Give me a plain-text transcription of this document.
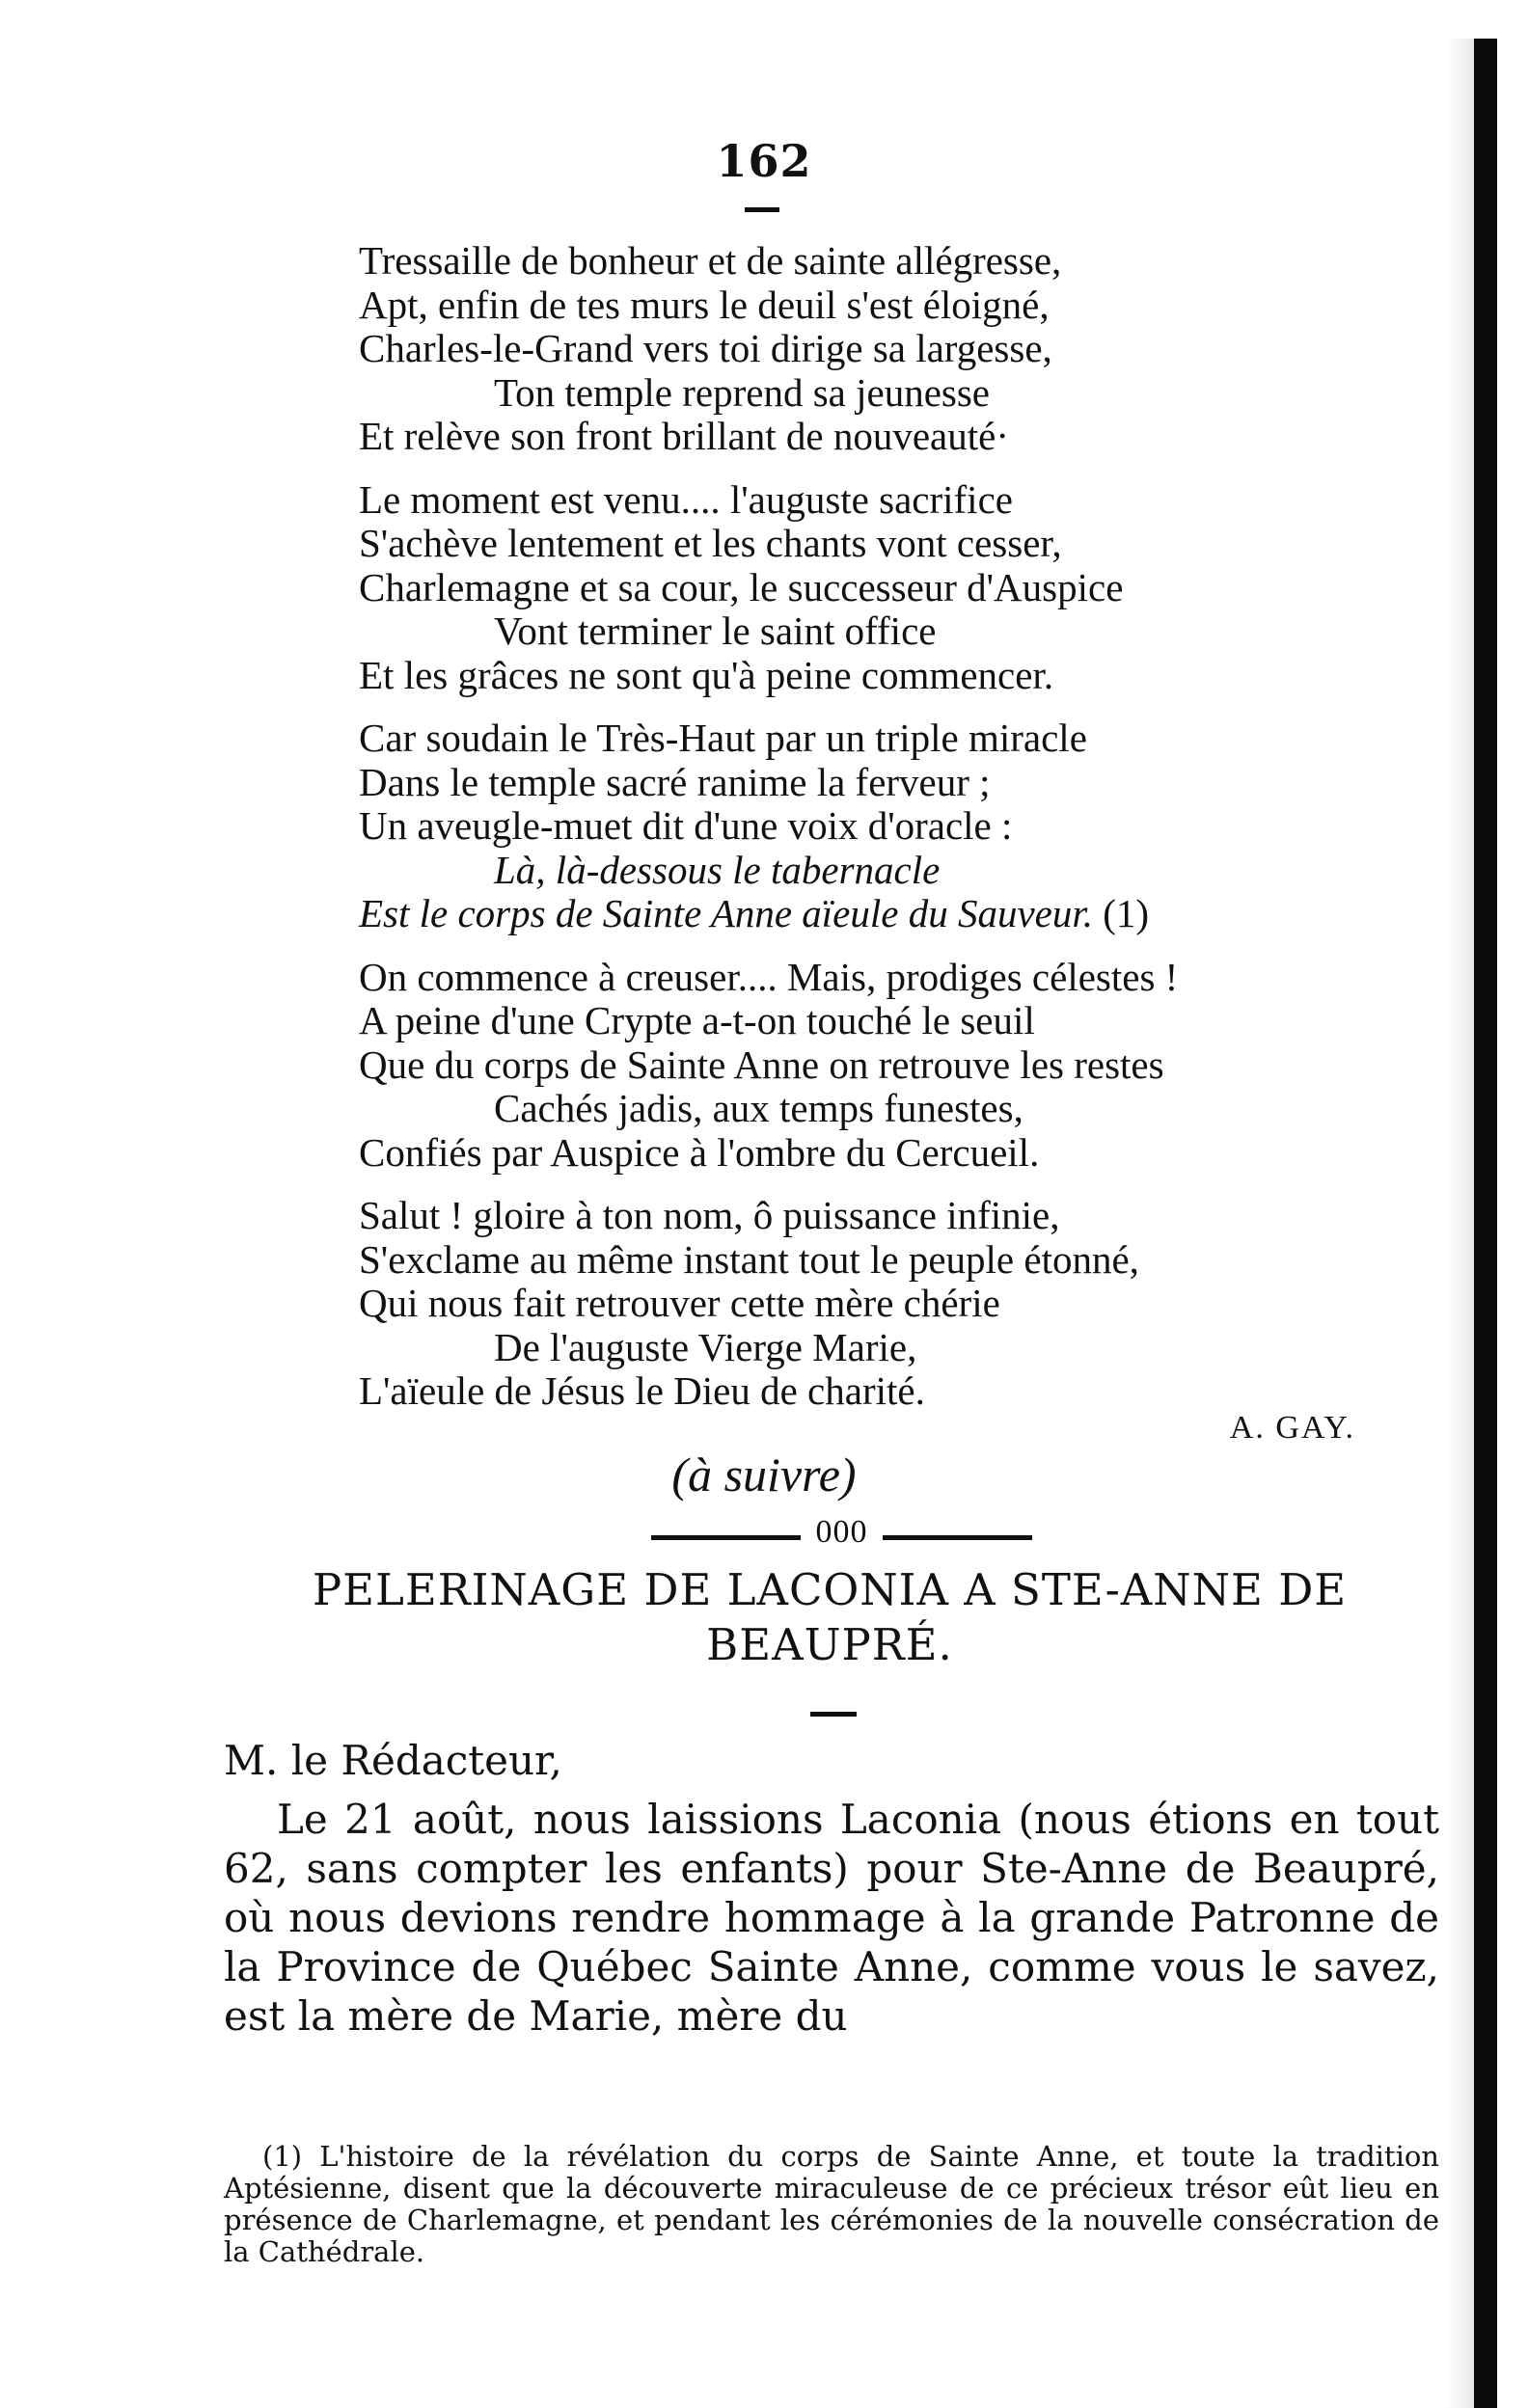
162
Tressaille de bonheur et de sainte allégresse,
Apt, enfin de tes murs le deuil s'est éloigné,
Charles-le-Grand vers toi dirige sa largesse,
Ton temple reprend sa jeunesse
Et relève son front brillant de nouveauté·
Le moment est venu.... l'auguste sacrifice
S'achève lentement et les chants vont cesser,
Charlemagne et sa cour, le successeur d'Auspice
Vont terminer le saint office
Et les grâces ne sont qu'à peine commencer.
Car soudain le Très-Haut par un triple miracle
Dans le temple sacré ranime la ferveur ;
Un aveugle-muet dit d'une voix d'oracle :
Là, là-dessous le tabernacle
Est le corps de Sainte Anne aïeule du Sauveur. (1)
On commence à creuser.... Mais, prodiges célestes !
A peine d'une Crypte a-t-on touché le seuil
Que du corps de Sainte Anne on retrouve les restes
Cachés jadis, aux temps funestes,
Confiés par Auspice à l'ombre du Cercueil.
Salut ! gloire à ton nom, ô puissance infinie,
S'exclame au même instant tout le peuple étonné,
Qui nous fait retrouver cette mère chérie
De l'auguste Vierge Marie,
L'aïeule de Jésus le Dieu de charité.
A. GAY.
(à suivre)
000
PELERINAGE DE LACONIA A STE-ANNE DE
BEAUPRÉ.

M. le Rédacteur,

Le 21 août, nous laissions Laconia (nous étions en tout 62, sans compter les enfants) pour Ste-Anne de Beaupré, où nous devions rendre hommage à la grande Patronne de la Province de Québec Sainte Anne, comme vous le savez, est la mère de Marie, mère du

(1) L'histoire de la révélation du corps de Sainte Anne, et toute la tradition Aptésienne, disent que la découverte miraculeuse de ce précieux trésor eût lieu en présence de Charlemagne, et pendant les cérémonies de la nouvelle consécration de la Cathédrale.
